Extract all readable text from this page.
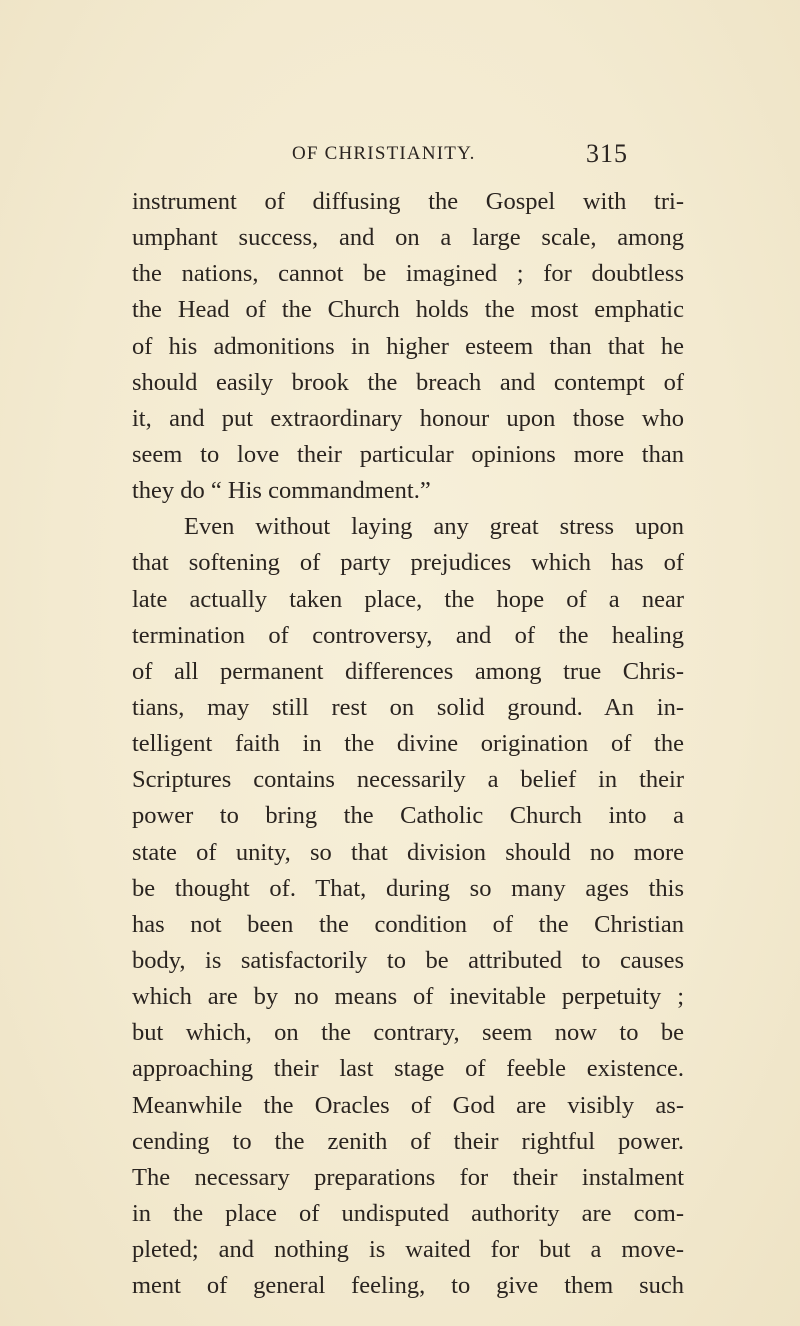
OF CHRISTIANITY.	315
instrument of diffusing the Gospel with tri-
umphant success, and on a large scale, among
the nations, cannot be imagined ; for doubtless
the Head of the Church holds the most emphatic
of his admonitions in higher esteem than that he
should easily brook the breach and contempt of
it, and put extraordinary honour upon those who
seem to love their particular opinions more than
they do “ His commandment.”
Even without laying any great stress upon
that softening of party prejudices which has of
late actually taken place, the hope of a near
termination of controversy, and of the healing
of all permanent differences among true Chris-
tians, may still rest on solid ground. An in-
telligent faith in the divine origination of the
Scriptures contains necessarily a belief in their
power to bring the Catholic Church into a
state of unity, so that division should no more
be thought of. That, during so many ages this
has not been the condition of the Christian
body, is satisfactorily to be attributed to causes
which are by no means of inevitable perpetuity ;
but which, on the contrary, seem now to be
approaching their last stage of feeble existence.
Meanwhile the Oracles of God are visibly as-
cending to the zenith of their rightful power.
The necessary preparations for their instalment
in the place of undisputed authority are com-
pleted; and nothing is waited for but a move-
ment of general feeling, to give them such
